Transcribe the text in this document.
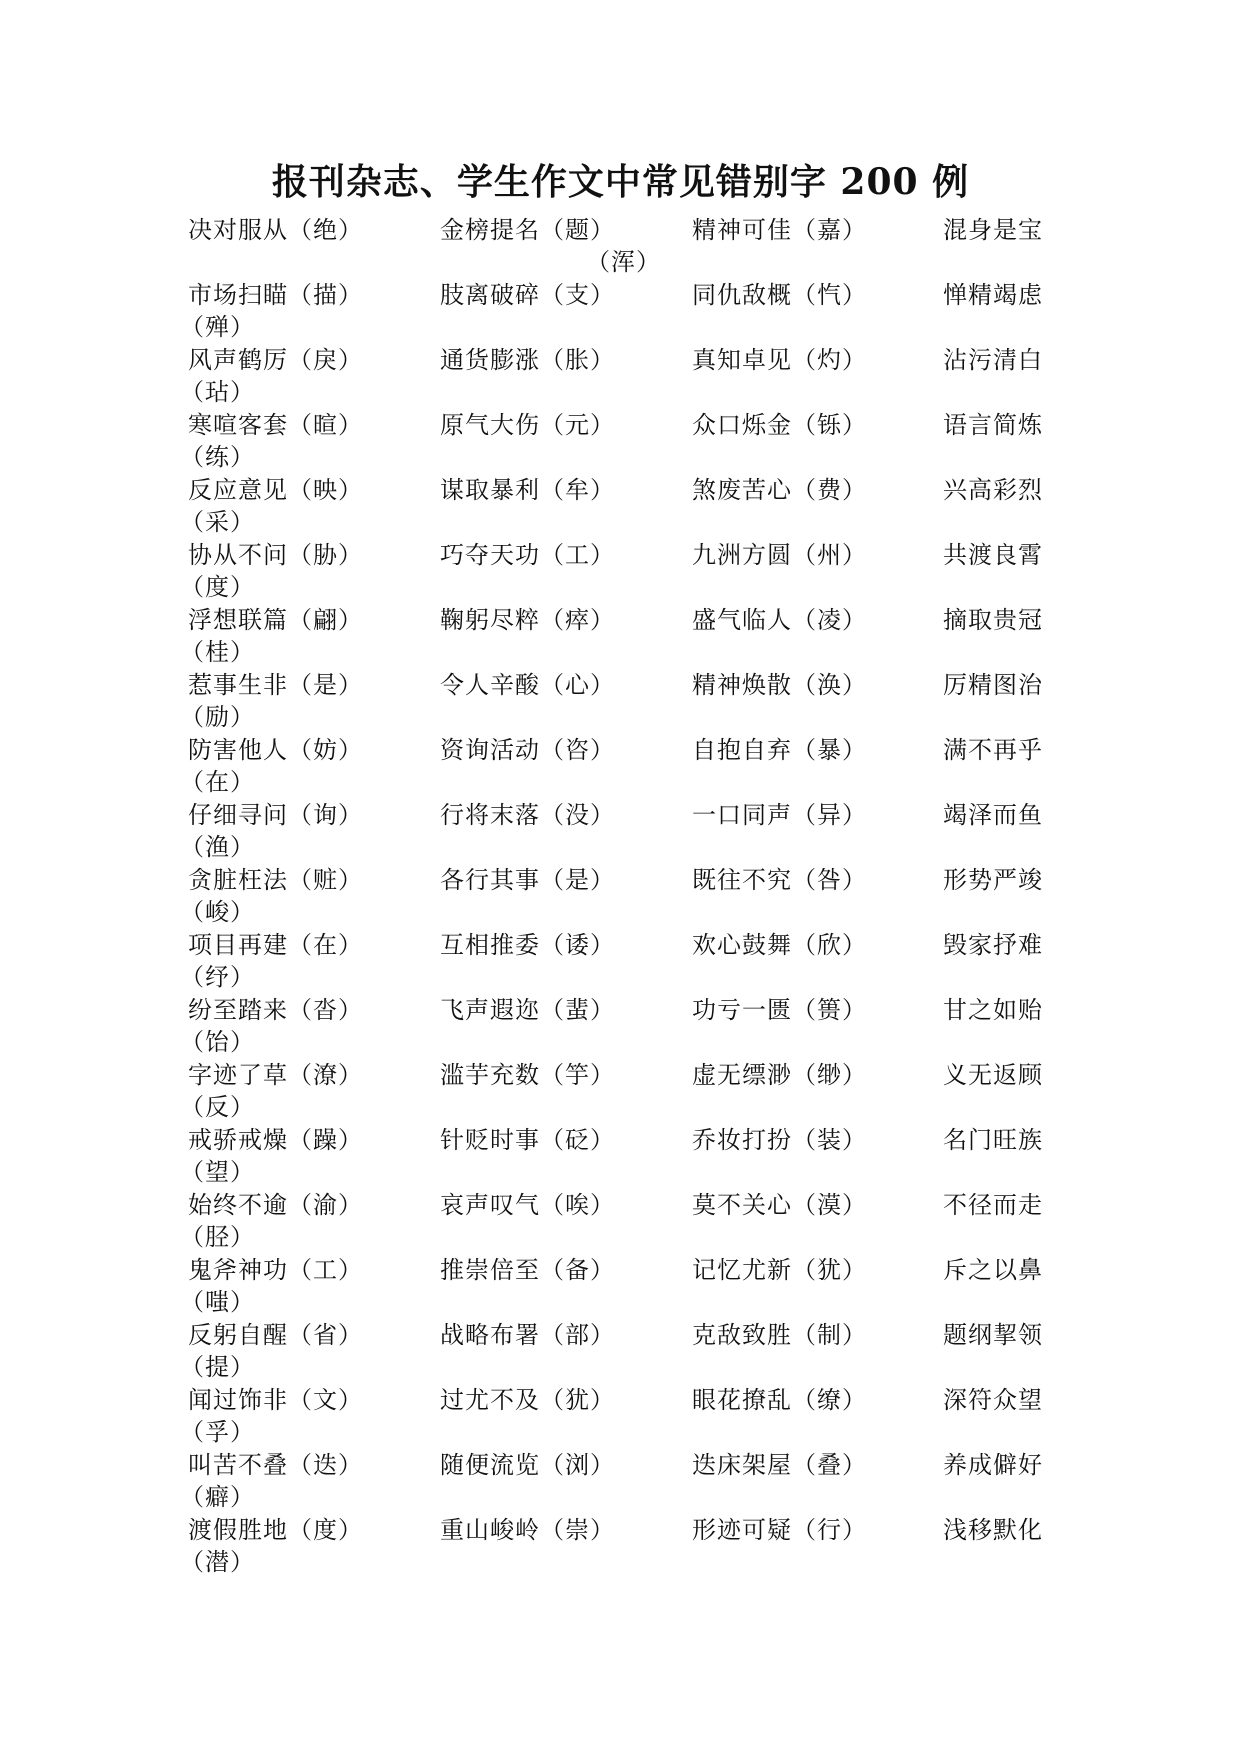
报刊杂志、学生作文中常见错别字 200 例
决对服从（绝）	金榜提名（题）	精神可佳（嘉）	混身是宝
（浑）
市场扫瞄（描）	肢离破碎（支）	同仇敌概（忾）	惮精竭虑
（殚）
风声鹤厉（戾）	通货膨涨（胀）	真知卓见（灼）	沾污清白
（玷）
寒喧客套（暄）	原气大伤（元）	众口烁金（铄）	语言简炼
（练）
反应意见（映）	谋取暴利（牟）	煞废苦心（费）	兴高彩烈
（采）
协从不问（胁）	巧夺天功（工）	九洲方圆（州）	共渡良霄
（度）
浮想联篇（翩）	鞠躬尽粹（瘁）	盛气临人（凌）	摘取贵冠
（桂）
惹事生非（是）	令人辛酸（心）	精神焕散（涣）	厉精图治
（励）
防害他人（妨）	资询活动（咨）	自抱自弃（暴）	满不再乎
（在）
仔细寻问（询）	行将末落（没）	一口同声（异）	竭泽而鱼
（渔）
贪脏枉法（赃）	各行其事（是）	既往不究（咎）	形势严竣
（峻）
项目再建（在）	互相推委（诿）	欢心鼓舞（欣）	毁家抒难
（纾）
纷至踏来（沓）	飞声遐迩（蜚）	功亏一匮（篑）	甘之如贻
（饴）
字迹了草（潦）	滥芋充数（竽）	虚无缥渺（缈）	义无返顾
（反）
戒骄戒燥（躁）	针贬时事（砭）	乔妆打扮（装）	名门旺族
（望）
始终不逾（渝）	哀声叹气（唉）	莫不关心（漠）	不径而走
（胫）
鬼斧神功（工）	推崇倍至（备）	记忆尤新（犹）	斥之以鼻
（嗤）
反躬自醒（省）	战略布署（部）	克敌致胜（制）	题纲挈领
（提）
闻过饰非（文）	过尤不及（犹）	眼花撩乱（缭）	深符众望
（孚）
叫苦不叠（迭）	随便流览（浏）	迭床架屋（叠）	养成僻好
（癖）
渡假胜地（度）	重山峻岭（崇）	形迹可疑（行）	浅移默化
（潜）
